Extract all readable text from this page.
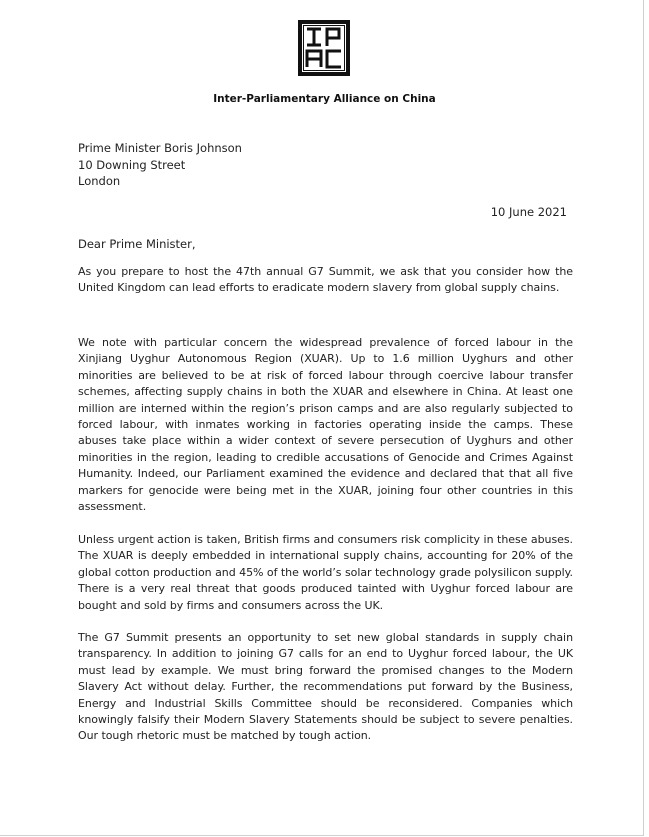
Inter-Parliamentary Alliance on China
Prime Minister Boris Johnson
10 Downing Street
London
10 June 2021
Dear Prime Minister,
As you prepare to host the 47th annual G7 Summit, we ask that you consider how the United Kingdom can lead efforts to eradicate modern slavery from global supply chains.
We note with particular concern the widespread prevalence of forced labour in the Xinjiang Uyghur Autonomous Region (XUAR). Up to 1.6 million Uyghurs and other minorities are believed to be at risk of forced labour through coercive labour transfer schemes, affecting supply chains in both the XUAR and elsewhere in China. At least one million are interned within the region’s prison camps and are also regularly subjected to forced labour, with inmates working in factories operating inside the camps. These abuses take place within a wider context of severe persecution of Uyghurs and other minorities in the region, leading to credible accusations of Genocide and Crimes Against Humanity. Indeed, our Parliament examined the evidence and declared that that all five markers for genocide were being met in the XUAR, joining four other countries in this assessment.
Unless urgent action is taken, British firms and consumers risk complicity in these abuses. The XUAR is deeply embedded in international supply chains, accounting for 20% of the global cotton production and 45% of the world’s solar technology grade polysilicon supply. There is a very real threat that goods produced tainted with Uyghur forced labour are bought and sold by firms and consumers across the UK.
The G7 Summit presents an opportunity to set new global standards in supply chain transparency. In addition to joining G7 calls for an end to Uyghur forced labour, the UK must lead by example. We must bring forward the promised changes to the Modern Slavery Act without delay. Further, the recommendations put forward by the Business, Energy and Industrial Skills Committee should be reconsidered. Companies which knowingly falsify their Modern Slavery Statements should be subject to severe penalties. Our tough rhetoric must be matched by tough action.
